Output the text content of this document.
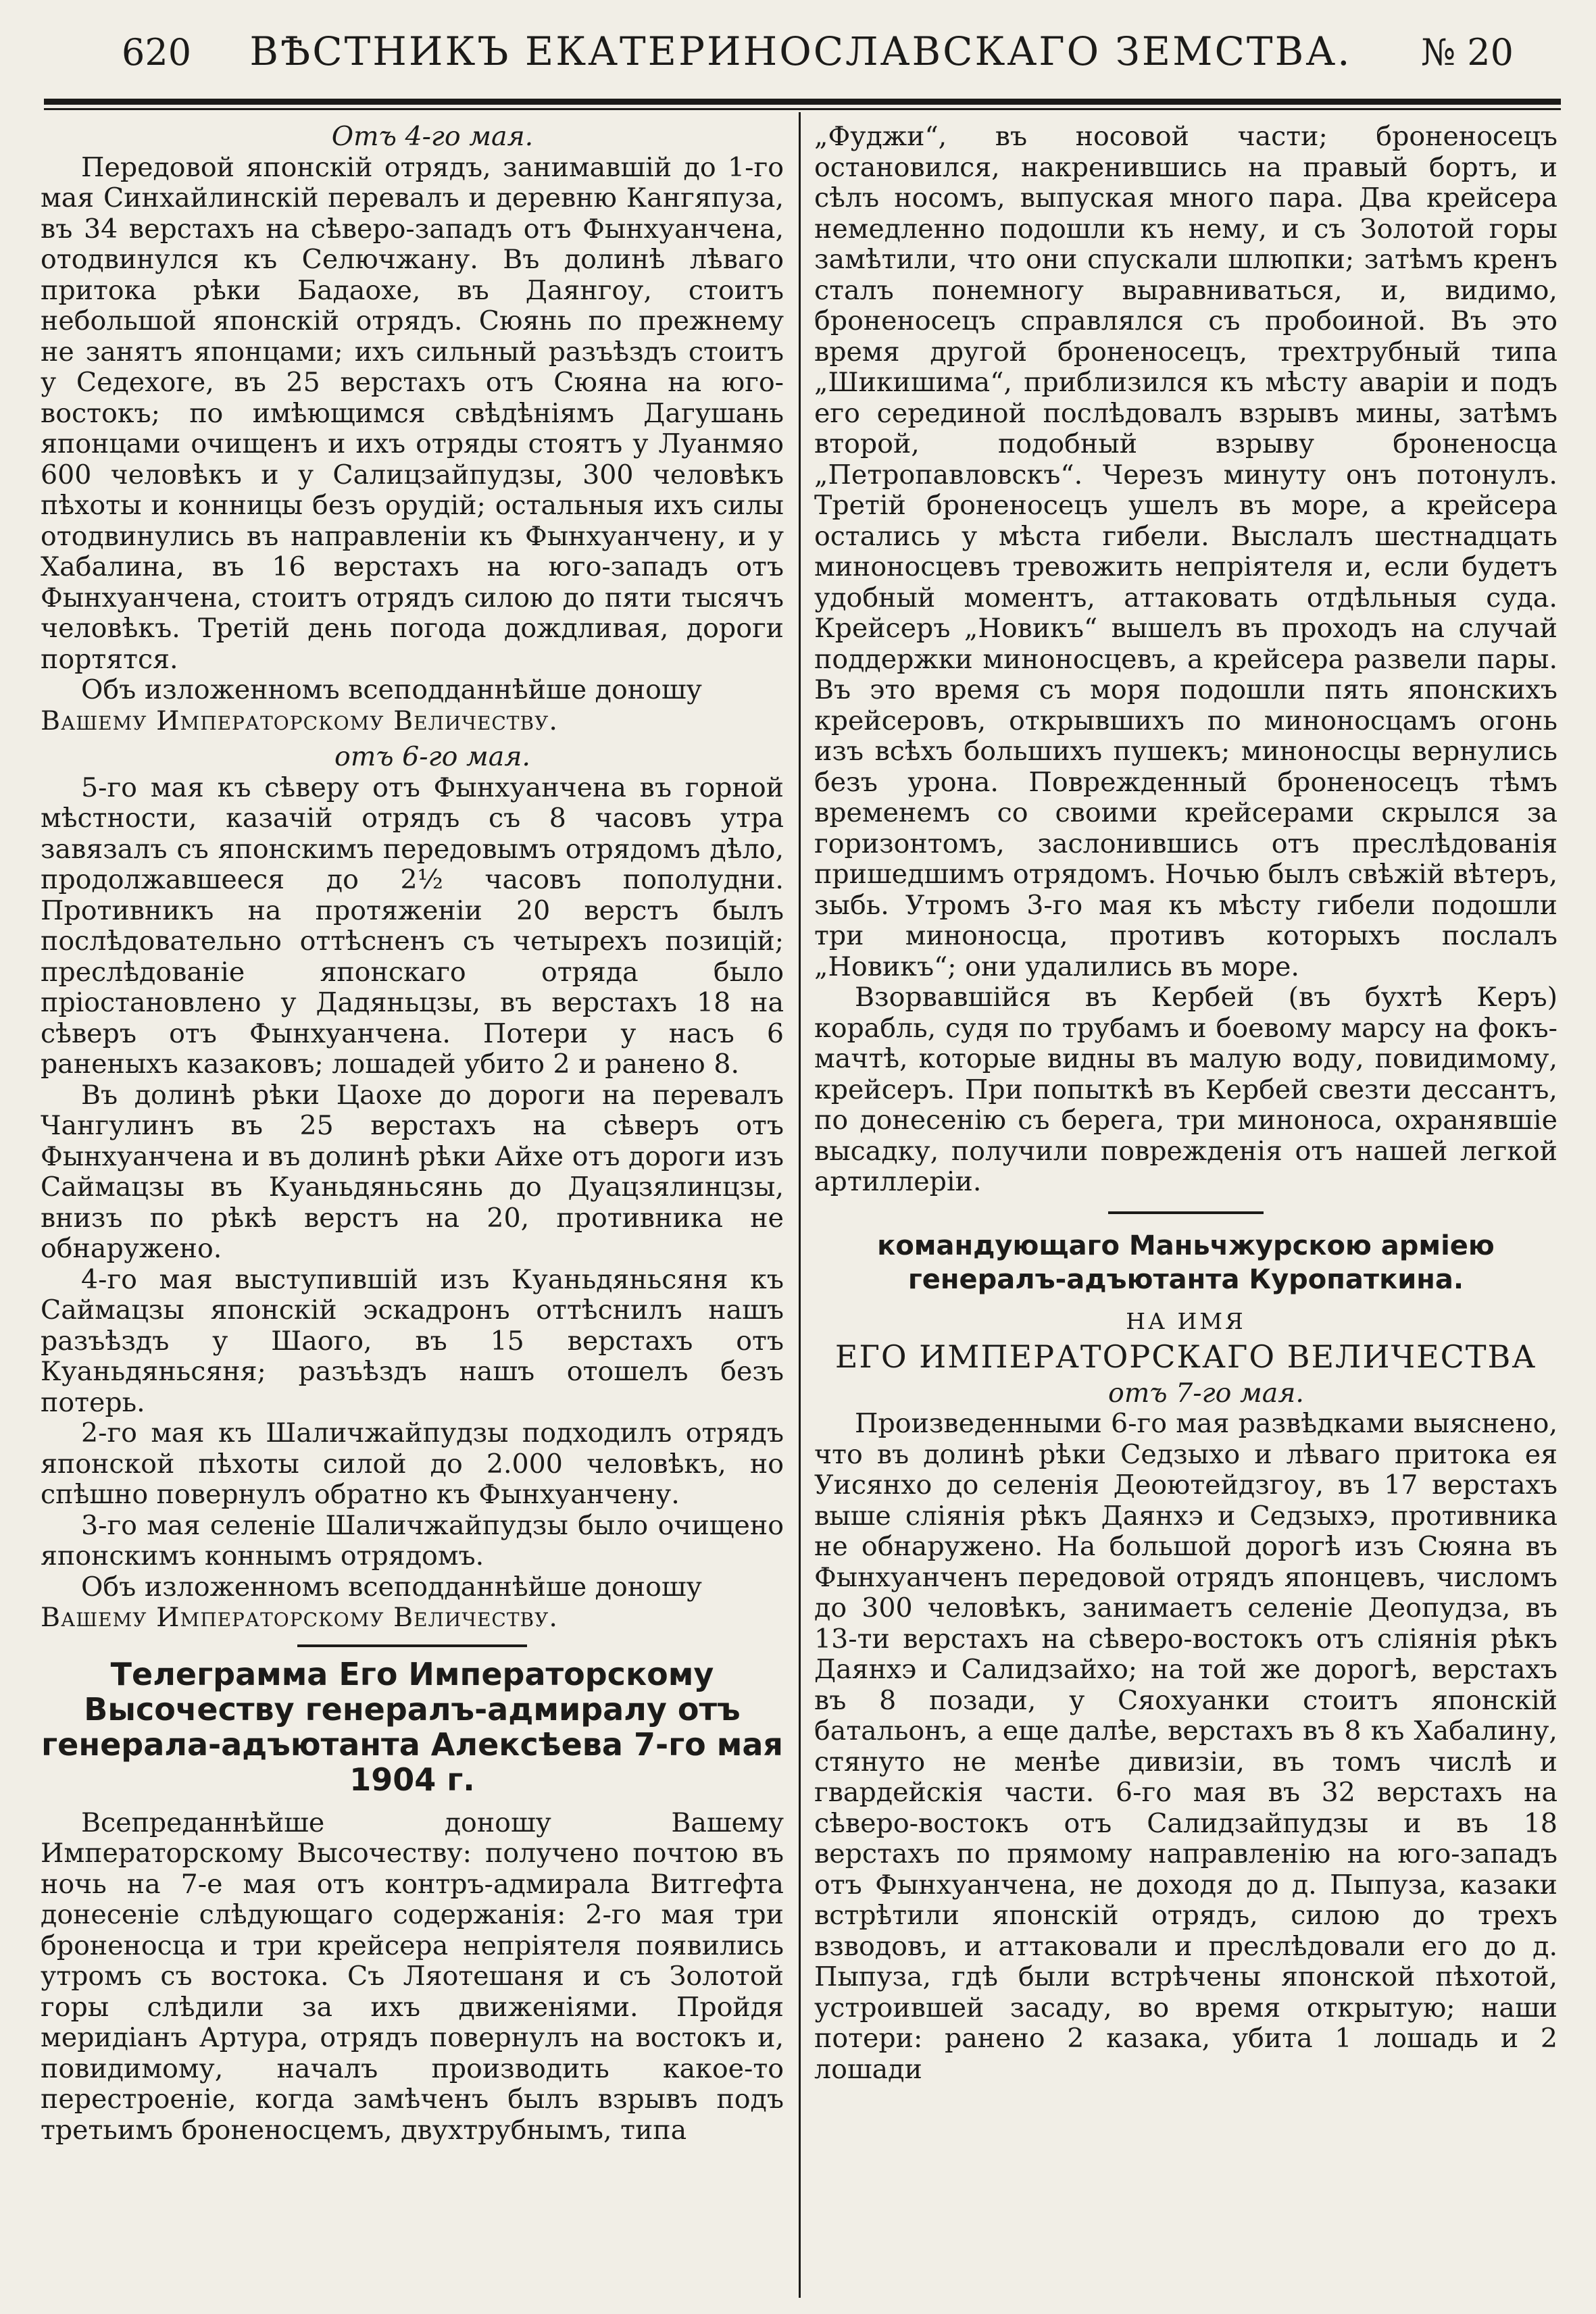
620	ВѢСТНИКЪ ЕКАТЕРИНОСЛАВСКАГО ЗЕМСТВА.	№ 20

Отъ 4-го мая.

Передовой японскій отрядъ, занимавшій до 1-го мая Синхайлинскій перевалъ и деревню Кангяпуза, въ 34 верстахъ на сѣверо-западъ отъ Фынхуанчена, отодвинулся къ Селючжану. Въ долинѣ лѣваго притока рѣки Бадаохе, въ Даянгоу, стоитъ небольшой японскій отрядъ. Сюянь по прежнему не занятъ японцами; ихъ сильный разъѣздъ стоитъ у Седехоге, въ 25 верстахъ отъ Сюяна на юго-востокъ; по имѣющимся свѣдѣніямъ Дагушань японцами очищенъ и ихъ отряды стоятъ у Луанмяо 600 человѣкъ и у Салицзайпудзы, 300 человѣкъ пѣхоты и конницы безъ орудій; остальныя ихъ силы отодвинулись въ направленіи къ Фынхуанчену, и у Хабалина, въ 16 верстахъ на юго-западъ отъ Фынхуанчена, стоитъ отрядъ силою до пяти тысячъ человѣкъ. Третій день погода дождливая, дороги портятся.

Объ изложенномъ всеподданнѣйше доношу

Вашему Императорскому Величеству.

отъ 6-го мая.

5-го мая къ сѣверу отъ Фынхуанчена въ горной мѣстности, казачій отрядъ съ 8 часовъ утра завязалъ съ японскимъ передовымъ отрядомъ дѣло, продолжавшееся до 2½ часовъ пополудни. Противникъ на протяженіи 20 верстъ былъ послѣдовательно оттѣсненъ съ четырехъ позицій; преслѣдованіе японскаго отряда было пріостановлено у Дадяньцзы, въ верстахъ 18 на сѣверъ отъ Фынхуанчена. Потери у насъ 6 раненыхъ казаковъ; лошадей убито 2 и ранено 8.

Въ долинѣ рѣки Цаохе до дороги на перевалъ Чангулинъ въ 25 верстахъ на сѣверъ отъ Фынхуанчена и въ долинѣ рѣки Айхе отъ дороги изъ Саймацзы въ Куаньдяньсянь до Дуацзялинцзы, внизъ по рѣкѣ верстъ на 20, противника не обнаружено.

4-го мая выступившій изъ Куаньдяньсяня къ Саймацзы японскій эскадронъ оттѣснилъ нашъ разъѣздъ у Шаого, въ 15 верстахъ отъ Куаньдяньсяня; разъѣздъ нашъ отошелъ безъ потерь.

2-го мая къ Шаличжайпудзы подходилъ отрядъ японской пѣхоты силой до 2.000 человѣкъ, но спѣшно повернулъ обратно къ Фынхуанчену.

3-го мая селеніе Шаличжайпудзы было очищено японскимъ коннымъ отрядомъ.

Объ изложенномъ всеподданнѣйше доношу

Вашему Императорскому Величеству.

Телеграмма Его Императорскому Высочеству генералъ-адмиралу отъ генерала-адъютанта Алексѣева 7-го мая 1904 г.

Всепреданнѣйше доношу Вашему Императорскому Высочеству: получено почтою въ ночь на 7-е мая отъ контръ-адмирала Витгефта донесеніе слѣдующаго содержанія: 2-го мая три броненосца и три крейсера непріятеля появились утромъ съ востока. Съ Ляотешаня и съ Золотой горы слѣдили за ихъ движеніями. Пройдя меридіанъ Артура, отрядъ повернулъ на востокъ и, повидимому, началъ производить какое-то перестроеніе, когда замѣченъ былъ взрывъ подъ третьимъ броненосцемъ, двухтрубнымъ, типа

„Фуджи“, въ носовой части; броненосецъ остановился, накренившись на правый бортъ, и сѣлъ носомъ, выпуская много пара. Два крейсера немедленно подошли къ нему, и съ Золотой горы замѣтили, что они спускали шлюпки; затѣмъ кренъ сталъ понемногу выравниваться, и, видимо, броненосецъ справлялся съ пробоиной. Въ это время другой броненосецъ, трехтрубный типа „Шикишима“, приблизился къ мѣсту аваріи и подъ его серединой послѣдовалъ взрывъ мины, затѣмъ второй, подобный взрыву броненосца „Петропавловскъ“. Черезъ минуту онъ потонулъ. Третій броненосецъ ушелъ въ море, а крейсера остались у мѣста гибели. Выслалъ шестнадцать миноносцевъ тревожить непріятеля и, если будетъ удобный моментъ, аттаковать отдѣльныя суда. Крейсеръ „Новикъ“ вышелъ въ проходъ на случай поддержки миноносцевъ, а крейсера развели пары. Въ это время съ моря подошли пять японскихъ крейсеровъ, открывшихъ по миноносцамъ огонь изъ всѣхъ большихъ пушекъ; миноносцы вернулись безъ урона. Поврежденный броненосецъ тѣмъ временемъ со своими крейсерами скрылся за горизонтомъ, заслонившись отъ преслѣдованія пришедшимъ отрядомъ. Ночью былъ свѣжій вѣтеръ, зыбь. Утромъ 3-го мая къ мѣсту гибели подошли три миноносца, противъ которыхъ послалъ „Новикъ“; они удалились въ море.

Взорвавшійся въ Кербей (въ бухтѣ Керъ) корабль, судя по трубамъ и боевому марсу на фокъ-мачтѣ, которые видны въ малую воду, повидимому, крейсеръ. При попыткѣ въ Кербей свезти дессантъ, по донесенію съ берега, три миноноса, охранявшіе высадку, получили поврежденія отъ нашей легкой артиллеріи.

командующаго Маньчжурскою арміею генералъ-адъютанта Куропаткина.
НА ИМЯ
ЕГО ИМПЕРАТОРСКАГО ВЕЛИЧЕСТВА

отъ 7-го мая.

Произведенными 6-го мая развѣдками выяснено, что въ долинѣ рѣки Седзыхо и лѣваго притока ея Уисянхо до селенія Деоютейдзгоу, въ 17 верстахъ выше слiянія рѣкъ Даянхэ и Седзыхэ, противника не обнаружено. На большой дорогѣ изъ Сюяна въ Фынхуанченъ передовой отрядъ японцевъ, числомъ до 300 человѣкъ, занимаетъ селеніе Деопудза, въ 13-ти верстахъ на сѣверо-востокъ отъ слiянія рѣкъ Даянхэ и Салидзайхо; на той же дорогѣ, верстахъ въ 8 позади, у Сяохуанки стоитъ японскій батальонъ, а еще далѣе, верстахъ въ 8 къ Хабалину, стянуто не менѣе дивизіи, въ томъ числѣ и гвардейскія части. 6-го мая въ 32 верстахъ на сѣверо-востокъ отъ Салидзайпудзы и въ 18 верстахъ по прямому направленію на юго-западъ отъ Фынхуанчена, не доходя до д. Пыпуза, казаки встрѣтили японскій отрядъ, силою до трехъ взводовъ, и аттаковали и преслѣдовали его до д. Пыпуза, гдѣ были встрѣчены японской пѣхотой, устроившей засаду, во время открытую; наши потери: ранено 2 казака, убита 1 лошадь и 2 лошади
